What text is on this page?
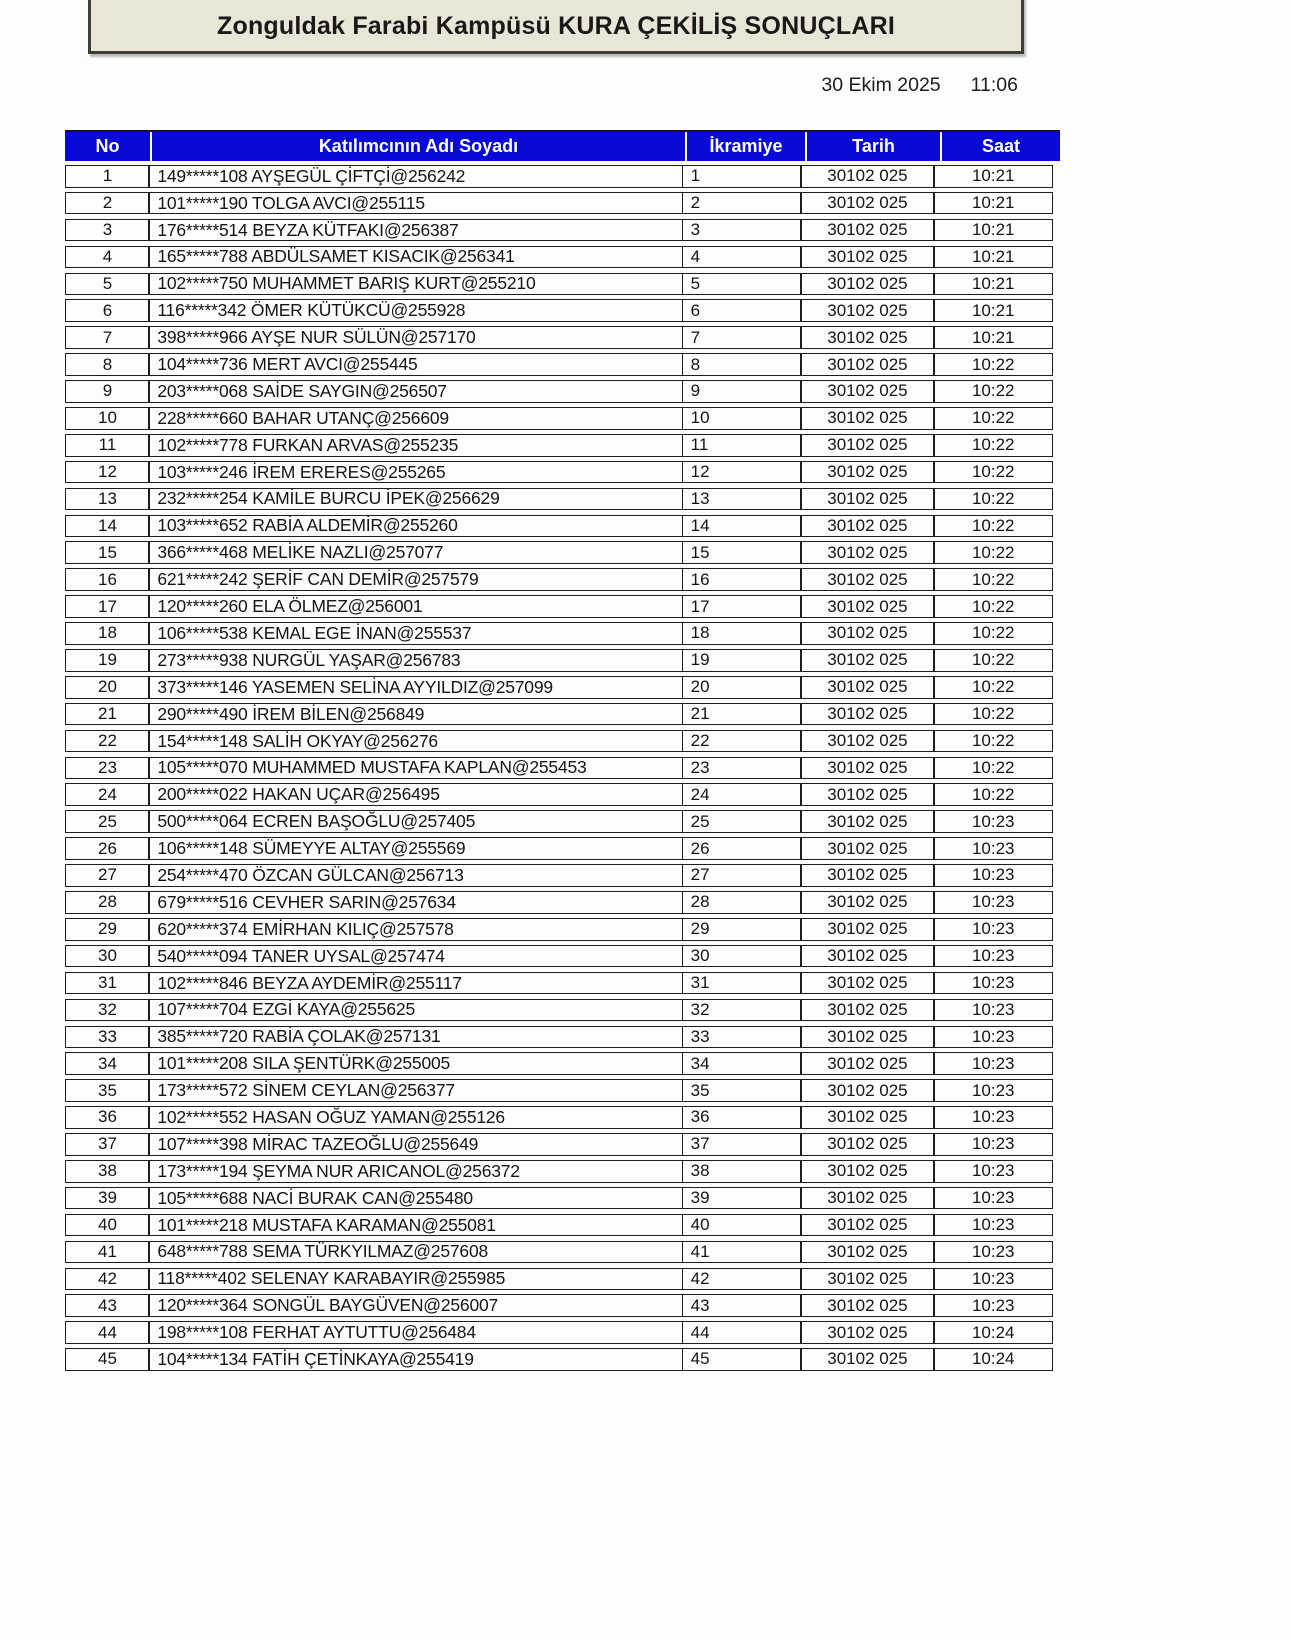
Zonguldak Farabi Kampüsü KURA ÇEKİLİŞ SONUÇLARI
30 Ekim 2025 11:06
No	Katılımcının Adı Soyadı	İkramiye	Tarih	Saat
1	149*****108 AYŞEGÜL ÇİFTÇİ@256242	1	30102 025	10:21
2	101*****190 TOLGA AVCI@255115	2	30102 025	10:21
3	176*****514 BEYZA KÜTFAKI@256387	3	30102 025	10:21
4	165*****788 ABDÜLSAMET KISACIK@256341	4	30102 025	10:21
5	102*****750 MUHAMMET BARIŞ KURT@255210	5	30102 025	10:21
6	116*****342 ÖMER KÜTÜKCÜ@255928	6	30102 025	10:21
7	398*****966 AYŞE NUR SÜLÜN@257170	7	30102 025	10:21
8	104*****736 MERT AVCI@255445	8	30102 025	10:22
9	203*****068 SAİDE SAYGIN@256507	9	30102 025	10:22
10	228*****660 BAHAR UTANÇ@256609	10	30102 025	10:22
11	102*****778 FURKAN ARVAS@255235	11	30102 025	10:22
12	103*****246 İREM ERERES@255265	12	30102 025	10:22
13	232*****254 KAMİLE BURCU İPEK@256629	13	30102 025	10:22
14	103*****652 RABİA ALDEMİR@255260	14	30102 025	10:22
15	366*****468 MELİKE NAZLI@257077	15	30102 025	10:22
16	621*****242 ŞERİF CAN DEMİR@257579	16	30102 025	10:22
17	120*****260 ELA ÖLMEZ@256001	17	30102 025	10:22
18	106*****538 KEMAL EGE İNAN@255537	18	30102 025	10:22
19	273*****938 NURGÜL YAŞAR@256783	19	30102 025	10:22
20	373*****146 YASEMEN SELİNA AYYILDIZ@257099	20	30102 025	10:22
21	290*****490 İREM BİLEN@256849	21	30102 025	10:22
22	154*****148 SALİH OKYAY@256276	22	30102 025	10:22
23	105*****070 MUHAMMED MUSTAFA KAPLAN@255453	23	30102 025	10:22
24	200*****022 HAKAN UÇAR@256495	24	30102 025	10:22
25	500*****064 ECREN BAŞOĞLU@257405	25	30102 025	10:23
26	106*****148 SÜMEYYE ALTAY@255569	26	30102 025	10:23
27	254*****470 ÖZCAN GÜLCAN@256713	27	30102 025	10:23
28	679*****516 CEVHER SARIN@257634	28	30102 025	10:23
29	620*****374 EMİRHAN KILIÇ@257578	29	30102 025	10:23
30	540*****094 TANER UYSAL@257474	30	30102 025	10:23
31	102*****846 BEYZA AYDEMİR@255117	31	30102 025	10:23
32	107*****704 EZGİ KAYA@255625	32	30102 025	10:23
33	385*****720 RABİA ÇOLAK@257131	33	30102 025	10:23
34	101*****208 SILA ŞENTÜRK@255005	34	30102 025	10:23
35	173*****572 SİNEM CEYLAN@256377	35	30102 025	10:23
36	102*****552 HASAN OĞUZ YAMAN@255126	36	30102 025	10:23
37	107*****398 MİRAC TAZEOĞLU@255649	37	30102 025	10:23
38	173*****194 ŞEYMA NUR ARICANOL@256372	38	30102 025	10:23
39	105*****688 NACİ BURAK CAN@255480	39	30102 025	10:23
40	101*****218 MUSTAFA KARAMAN@255081	40	30102 025	10:23
41	648*****788 SEMA TÜRKYILMAZ@257608	41	30102 025	10:23
42	118*****402 SELENAY KARABAYIR@255985	42	30102 025	10:23
43	120*****364 SONGÜL BAYGÜVEN@256007	43	30102 025	10:23
44	198*****108 FERHAT AYTUTTU@256484	44	30102 025	10:24
45	104*****134 FATİH ÇETİNKAYA@255419	45	30102 025	10:24
